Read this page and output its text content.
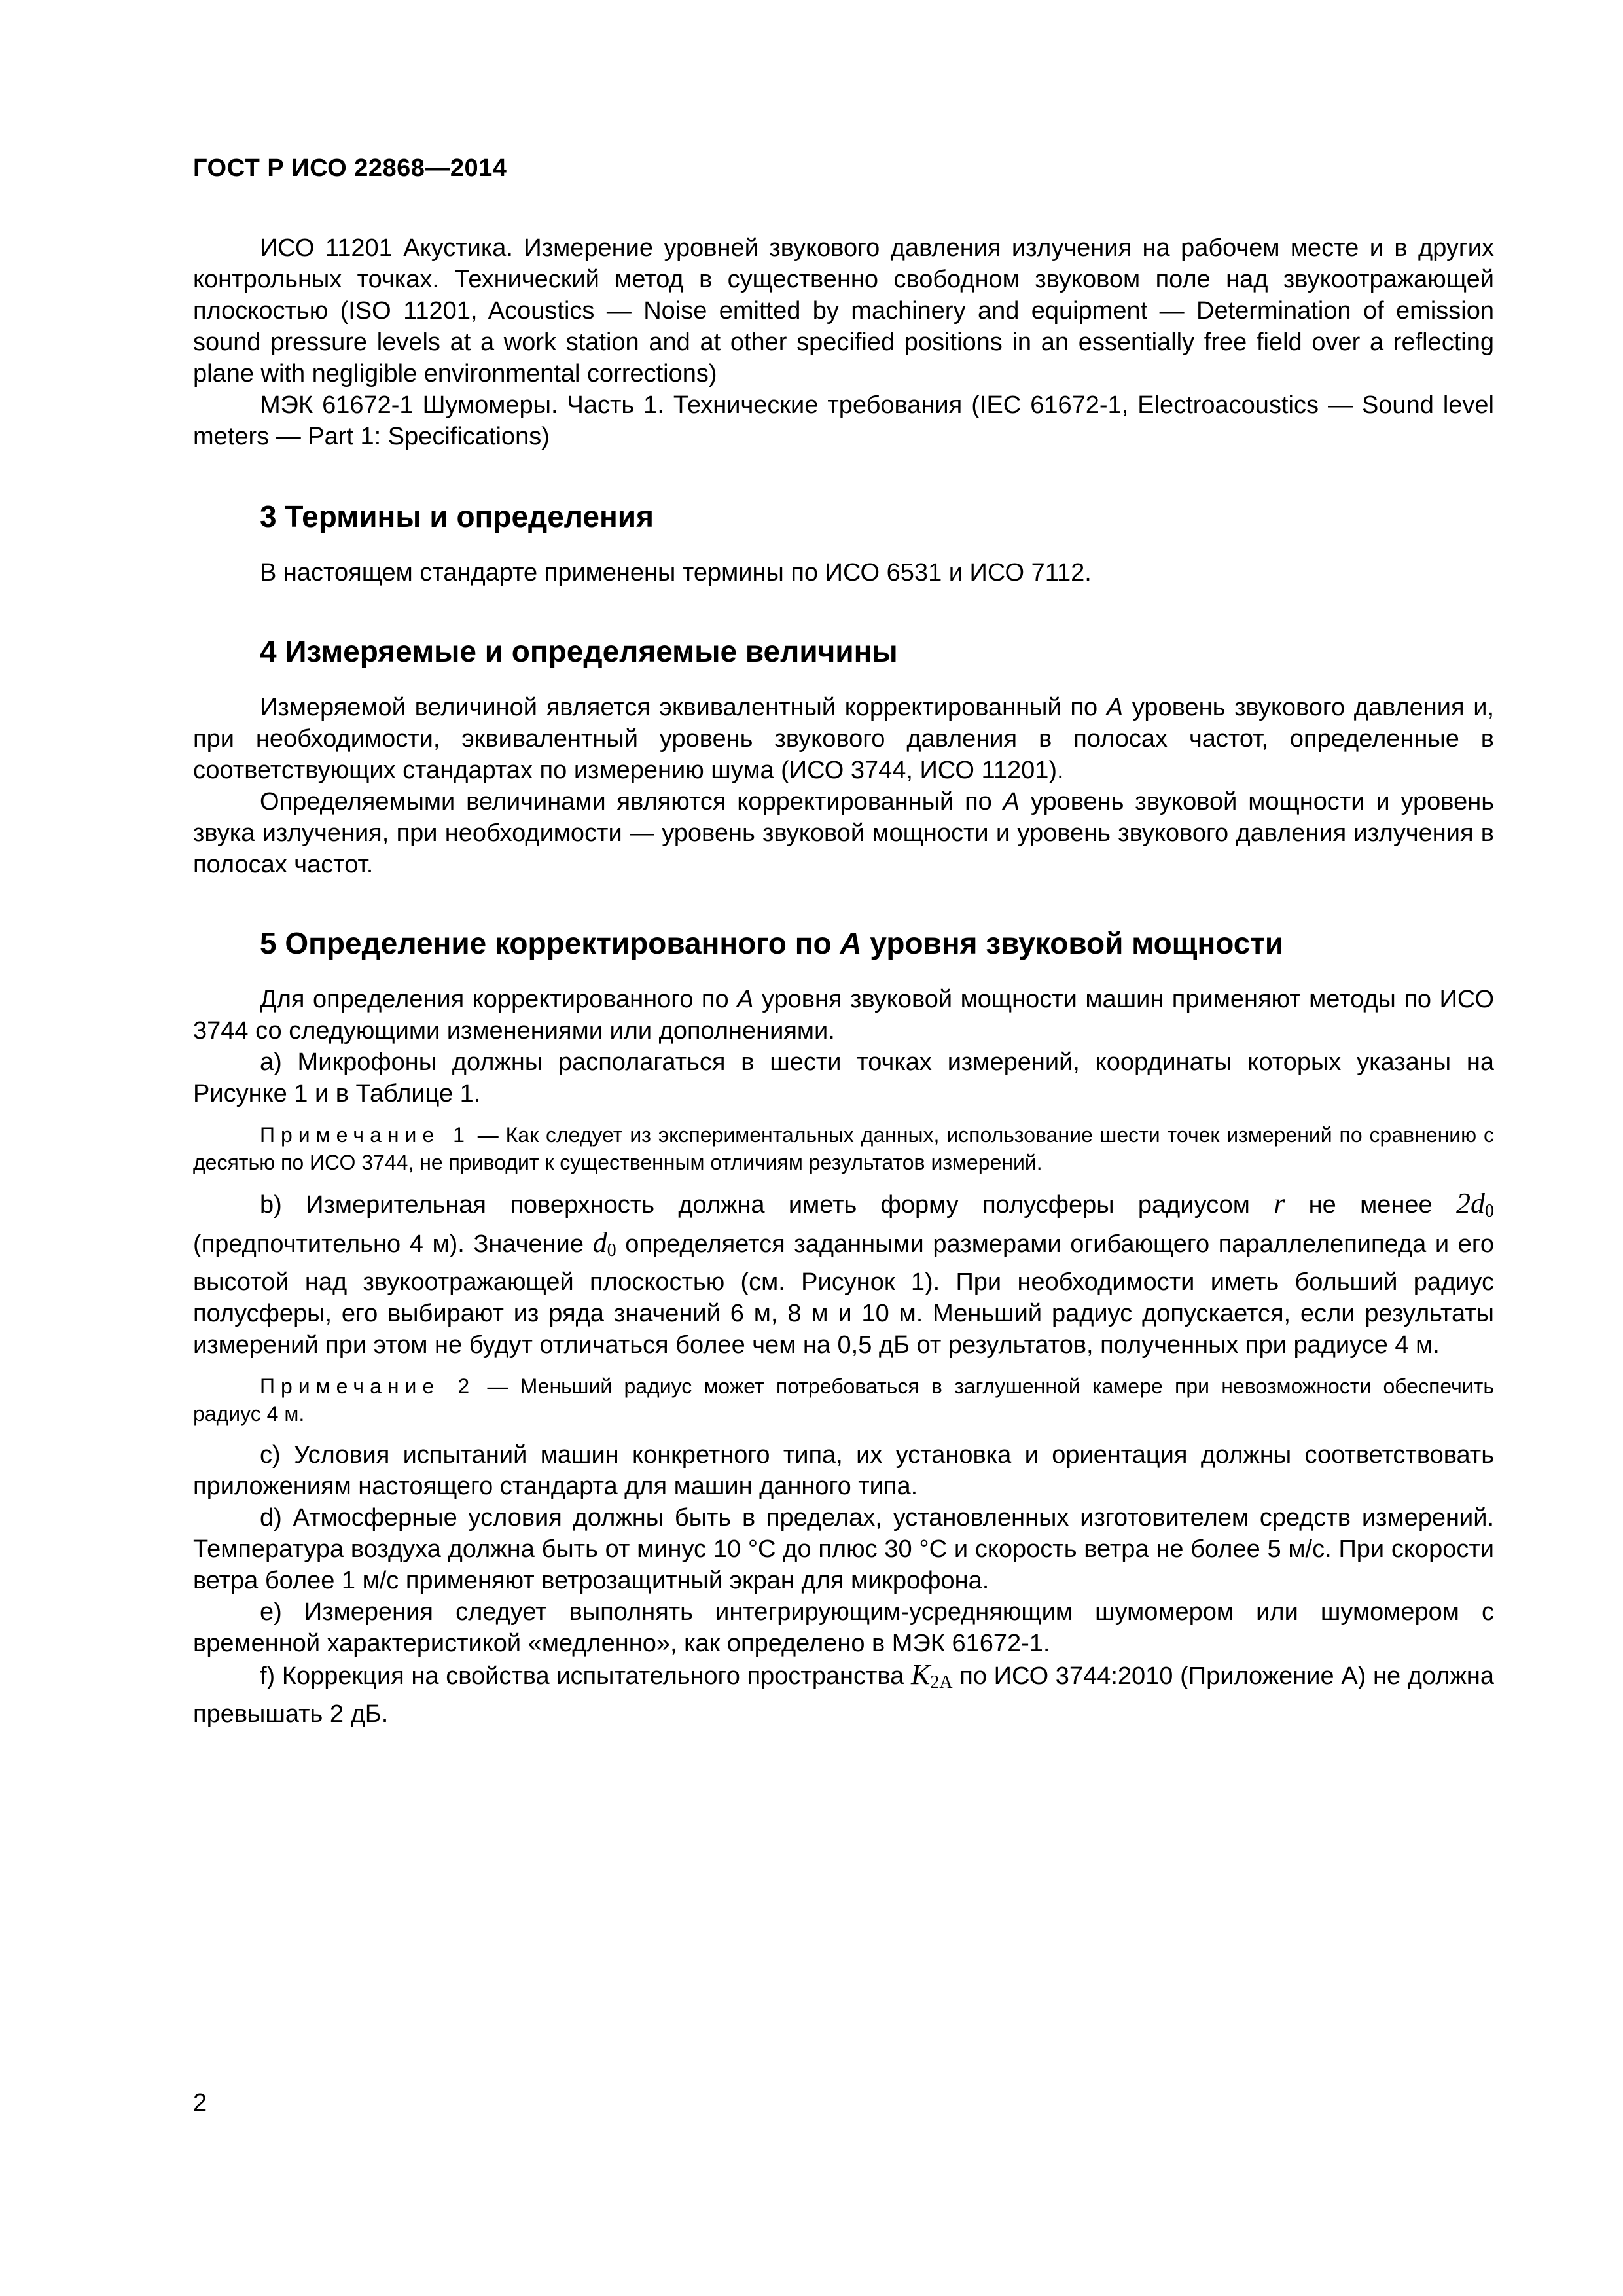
ГОСТ Р ИСО 22868—2014

ИСО 11201 Акустика. Измерение уровней звукового давления излучения на рабочем месте и в других контрольных точках. Технический метод в существенно свободном звуковом поле над звукоотражающей плоскостью (ISO 11201, Acoustics — Noise emitted by machinery and equipment — Determination of emission sound pressure levels at a work station and at other specified positions in an essentially free field over a reflecting plane with negligible environmental corrections)

МЭК 61672-1 Шумомеры. Часть 1. Технические требования (IEC 61672-1, Electroacoustics — Sound level meters — Part 1: Specifications)

3 Термины и определения

В настоящем стандарте применены термины по ИСО 6531 и ИСО 7112.

4 Измеряемые и определяемые величины

Измеряемой величиной является эквивалентный корректированный по A уровень звукового давления и, при необходимости, эквивалентный уровень звукового давления в полосах частот, определенные в соответствующих стандартах по измерению шума (ИСО 3744, ИСО 11201).

Определяемыми величинами являются корректированный по A уровень звуковой мощности и уровень звука излучения, при необходимости — уровень звуковой мощности и уровень звукового давления излучения в полосах частот.

5 Определение корректированного по A уровня звуковой мощности

Для определения корректированного по A уровня звуковой мощности машин применяют методы по ИСО 3744 со следующими изменениями или дополнениями.

a) Микрофоны должны располагаться в шести точках измерений, координаты которых указаны на Рисунке 1 и в Таблице 1.

Примечание 1 — Как следует из экспериментальных данных, использование шести точек измерений по сравнению с десятью по ИСО 3744, не приводит к существенным отличиям результатов измерений.

b) Измерительная поверхность должна иметь форму полусферы радиусом r не менее $2d_0$ (предпочтительно 4 м). Значение $d_0$ определяется заданными размерами огибающего параллелепипеда и его высотой над звукоотражающей плоскостью (см. Рисунок 1). При необходимости иметь больший радиус полусферы, его выбирают из ряда значений 6 м, 8 м и 10 м. Меньший радиус допускается, если результаты измерений при этом не будут отличаться более чем на 0,5 дБ от результатов, полученных при радиусе 4 м.

Примечание 2 — Меньший радиус может потребоваться в заглушенной камере при невозможности обеспечить радиус 4 м.

c) Условия испытаний машин конкретного типа, их установка и ориентация должны соответствовать приложениям настоящего стандарта для машин данного типа.

d) Атмосферные условия должны быть в пределах, установленных изготовителем средств измерений. Температура воздуха должна быть от минус 10 °C до плюс 30 °C и скорость ветра не более 5 м/с. При скорости ветра более 1 м/с применяют ветрозащитный экран для микрофона.

e) Измерения следует выполнять интегрирующим-усредняющим шумомером или шумомером с временной характеристикой «медленно», как определено в МЭК 61672-1.

f) Коррекция на свойства испытательного пространства $K_{2A}$ по ИСО 3744:2010 (Приложение A) не должна превышать 2 дБ.

2
